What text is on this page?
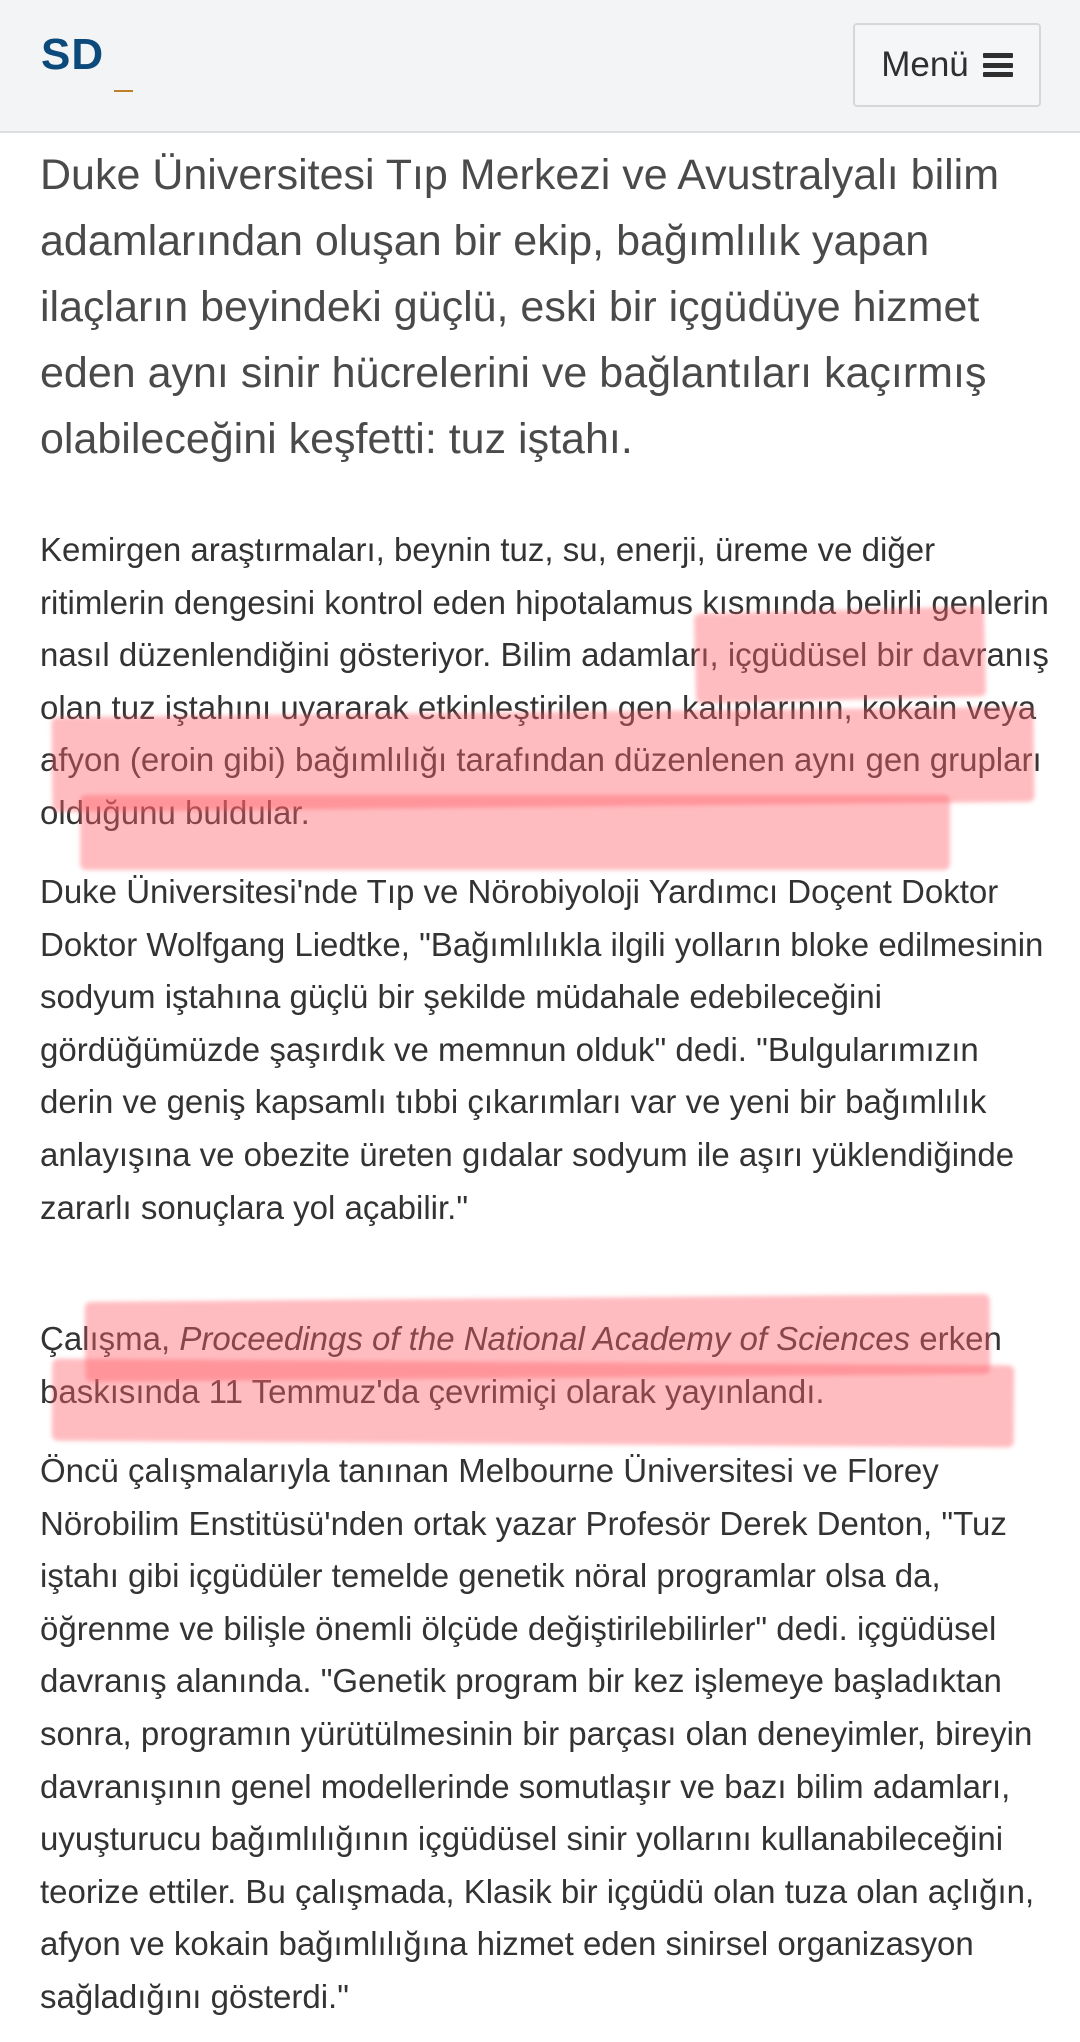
SD	Menü

Duke Üniversitesi Tıp Merkezi ve Avustralyalı bilim adamlarından oluşan bir ekip, bağımlılık yapan ilaçların beyindeki güçlü, eski bir içgüdüye hizmet eden aynı sinir hücrelerini ve bağlantıları kaçırmış olabileceğini keşfetti: tuz iştahı.

Kemirgen araştırmaları, beynin tuz, su, enerji, üreme ve diğer ritimlerin dengesini kontrol eden hipotalamus kısmında belirli genlerin nasıl düzenlendiğini gösteriyor. Bilim adamları, içgüdüsel bir davranış olan tuz iştahını uyararak etkinleştirilen gen kalıplarının, kokain veya afyon (eroin gibi) bağımlılığı tarafından düzenlenen aynı gen grupları olduğunu buldular.

Duke Üniversitesi'nde Tıp ve Nörobiyoloji Yardımcı Doçent Doktor Doktor Wolfgang Liedtke, "Bağımlılıkla ilgili yolların bloke edilmesinin sodyum iştahına güçlü bir şekilde müdahale edebileceğini gördüğümüzde şaşırdık ve memnun olduk" dedi. "Bulgularımızın derin ve geniş kapsamlı tıbbi çıkarımları var ve yeni bir bağımlılık anlayışına ve obezite üreten gıdalar sodyum ile aşırı yüklendiğinde zararlı sonuçlara yol açabilir."

Çalışma, Proceedings of the National Academy of Sciences erken baskısında 11 Temmuz'da çevrimiçi olarak yayınlandı.

Öncü çalışmalarıyla tanınan Melbourne Üniversitesi ve Florey Nörobilim Enstitüsü'nden ortak yazar Profesör Derek Denton, "Tuz iştahı gibi içgüdüler temelde genetik nöral programlar olsa da, öğrenme ve bilişle önemli ölçüde değiştirilebilirler" dedi. içgüdüsel davranış alanında. "Genetik program bir kez işlemeye başladıktan sonra, programın yürütülmesinin bir parçası olan deneyimler, bireyin davranışının genel modellerinde somutlaşır ve bazı bilim adamları, uyuşturucu bağımlılığının içgüdüsel sinir yollarını kullanabileceğini teorize ettiler. Bu çalışmada, Klasik bir içgüdü olan tuza olan açlığın, afyon ve kokain bağımlılığına hizmet eden sinirsel organizasyon sağladığını gösterdi."
